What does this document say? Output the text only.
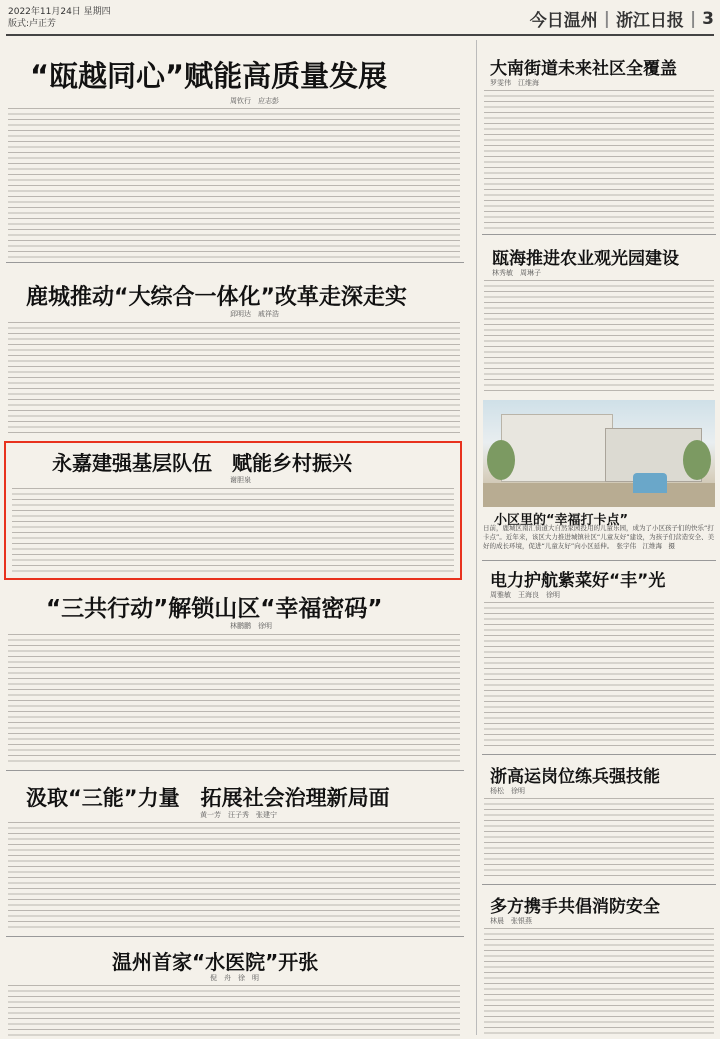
2022年11月24日 星期四
版式:卢正芳	今日温州 | 浙江日报 | 3
“瓯越同心”赋能高质量发展
周钦行　应志彭
鹿城推动“大综合一体化”改革走深走实
邱明达　戚祥浩
永嘉建强基层队伍　赋能乡村振兴
谢胆泉
“三共行动”解锁山区“幸福密码”
林鹏鹏　徐明
汲取“三能”力量　拓展社会治理新局面
黄一芳　汪子秀　张建宁
温州首家“水医院”开张
倪　舟　徐　明
大南街道未来社区全覆盖
罗雯伟　江维海
瓯海推进农业观光园建设
林秀敏　周琳子
小区里的“幸福打卡点”
日前，鹿城区南汇街道大自然家园投用的儿童乐园，成为了小区孩子们的快乐“打卡点”。近年来，该区大力推进城镇社区“儿童友好”建设，为孩子们营造安全、美好的成长环境，促进“儿童友好”向小区延伸。　张宇伟　江维海　摄
电力护航紫菜好“丰”光
周雅敏　王海良　徐明
浙高运岗位练兵强技能
杨松　徐明
多方携手共倡消防安全
林晨　张银燕
